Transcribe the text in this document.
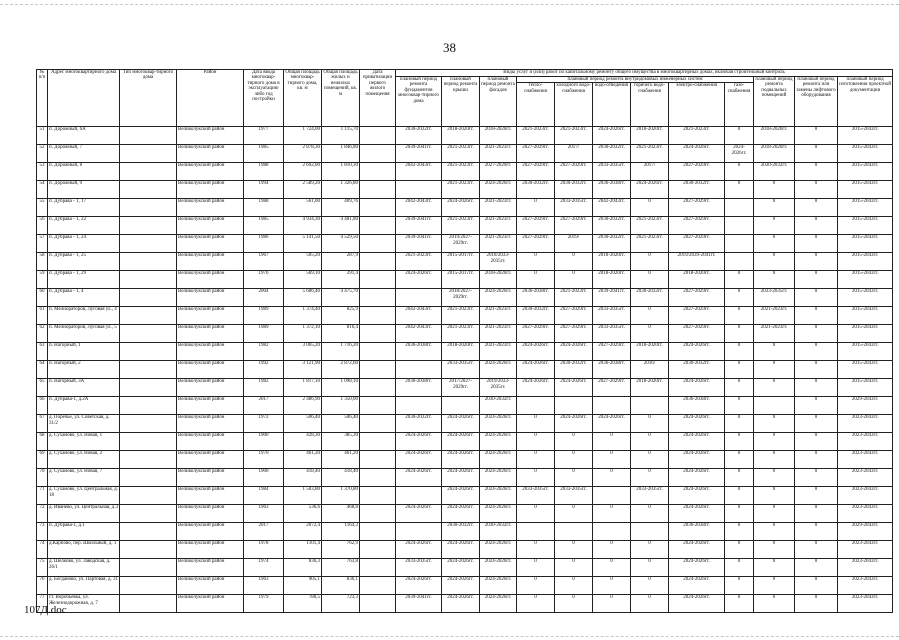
38
№ п/п	Адрес многоквартирного дома	Тип многоквар-тирного дома	Район	Дата ввода многоквар-тирного дома в эксплуатацию либо год постройки	Общая площадь многоквар-тирного дома, кв. м	Общая площадь жилых и нежилых помещений, кв. м	Дата приватизации первого жилого помещения	Виды услуг и (или) работ по капитальному ремонту общего имущества в многоквартирных домах, включая строительный контроль											
								плановый период ремонта фундаментов многоквар-тирного дома	плановый период ремонта крыши	плановый период ремонта фасадов	плановый период ремонта внутридомовых инженерных систем						плановый период ремонта подвальных помещений	плановый период ремонта или замены лифтового оборудования	плановый период изготовления проектной документации
											тепло-снабжения	холодного водо-снабжения	водо-отведения	горячего водо-снабжения	электро-снабжения	газо-снабжения			
51	п. Дорожный, 6А		Великолукский район	1977	1 724,00	1 115,70		2030-2032гг.	2018-2020гг.	2018-2020гг.	2021-2023гг.	2021-2023гг.	2024-2026гг.	2018-2020гг.	2021-2023гг.	0	2018-2020гг.	0	2015-2043гг.
52	п. Дорожный, 7		Великолукский район	1985	2 878,30	1 846,80		2039-2041гг.	2021-2023гг.	2021-2023гг.	2027-2029гг.	2017/	2030-2032гг.	2021-2023гг.	2024-2026гг.	2024-2026гг.	2018-2020гг.	0	2015-2043гг.
53	п. Дорожный, 8		Великолукский район	1988	2 692,00	1 810,30		2042-2043гг.	2021-2023гг.	2027-2029гг.	2027-2029гг.	2027-2029гг.	2033-2035гг.	2017/	2027-2029гг.	0	2030-2032гг.	0	2015-2043гг.
54	п. Дорожный, 9		Великолукский район	1994	2 589,20	1 326,80			2021-2023гг.	2024-2026гг.	2030-2032гг.	2030-2032гг.	2036-2038гг.	2024-2026гг.	2030-2032гг.	0	0	0	2015-2043гг.
55	п. Дубрава - 1, 17		Великолукский район	1988	561,00	409,76		2042-2043гг.	2024-2026гг.	2021-2023гг.	0	2033-2035гг.	2042-2043гг.	0	2027-2029гг.		0	0	2015-2043гг.
56	п. Дубрава - 1, 22		Великолукский район	1985	4 934,30	4 481,80		2039-2041гг.	2021-2023гг.	2021-2023гг.	2027-2029гг.	2027-2029гг.	2030-2032гг.	2021-2023гг.	2027-2029гг.		0	0	2015-2043гг.
57	п. Дубрава - 1, 24		Великолукский район	1986	5 141,50	4 529,50		2039-2041гг.	2019/2027-2029гг.	2021-2023гг.	2027-2029гг.	2019/	2030-2032гг.	2021-2023гг.	2027-2029гг.		0	0	2015-2043гг.
58	п. Дубрава - 1, 25		Великолукский район	1967	505,20	287,9		2021-2023гг.	2015-2017гг.	2018/2033-2035гг.	0	0	2018-2020гг.	0	2019/2039-2041гг.		0	0	2015-2043гг.
59	п. Дубрава - 1, 29		Великолукский район	1970	569,10	391,4		2024-2026гг.	2015-2017гг.	2018-2020гг.	0	0	2018-2020гг.	0	2018-2020гг.	0	0	0	2015-2043гг.
60	п. Дубрава - 1, 4		Великолукский район	2004	5 686,40	4 475,70			2018/2027-2029гг.	2024-2026гг.	2036-2038гг.	2021-2023гг.	2039-2041гг.	2030-2032гг.	2027-2029гг.	0	2033-2035гг.	0	2015-2043гг.
61	п. Мелиораторов, Луговая ул., 4		Великолукский район	1989	1 374,40	825,9		2042-2043гг.	2021-2023гг.	2021-2023гг.	2030-2032гг.	2027-2029гг.	2033-2035гг.	0	2027-2029гг.	0	2021-2023гг.	0	2015-2043гг.
62	п. Мелиораторов, Луговая ул., 5		Великолукский район	1989	1 372,10	816,4		2042-2043гг.	2021-2023гг.	2021-2023гг.	2027-2029гг.	2027-2029гг.	2033-2035гг.	0	2027-2029гг.	0	2021-2023гг.	0	2015-2043гг.
63	п. Нагорный, 1		Великолукский район	1982	3 065,20	1 716,20		2036-2038гг.	2018-2020гг.	2021-2023гг.	2024-2026гг.	2024-2026гг.	2027-2029гг.	2018-2020гг.	2024-2026гг.	0	0	0	2015-2043гг.
64	п. Нагорный, 2		Великолукский район	1992	3 121,90	2 872,60			2033-2035гг.	2024-2026гг.	2024-2026гг.	2030-2032гг.	2036-2038гг.	2016/	2030-2032гг.	0	0	0	2015-2043гг.
65	п. Нагорный, 3А		Великолукский район	1982	1 817,10	1 098,10		2036-2038гг.	2017/2027-2029гг.	2019/2033-2035гг.	2024-2026гг.	2024-2026гг.	2027-2029гг.	2018-2020гг.	2024-2026гг.	0	0	0	2015-2043гг.
66	п. Дубрава-1, д.2А		Великолукский район	2017	2 486,90	1 350,00				2030-2032гг.					2036-2038гг.	0		0	2029-2043гг.
67	д. Поречье, ул. Советская, д. 31/2		Великолукский район	1972	506,40	506,40		2030-2032гг.	2024-2026гг.	2024-2026гг.	0	2024-2026гг.	2024-2026гг.	0	2024-2026гг.	0	0	0	2023-2043гг.
68	д. Суханово, ул. Новая, 1		Великолукский район	1900	428,30	385,30		2024-2026гг.	2024-2026гг.	2024-2026гг.	0	0	0	0	2024-2026гг.	0	0	0	2023-2043гг.
69	д. Суханово, ул. Новая, 2		Великолукский район	1970	461,20	461,20		2024-2026гг.	2024-2026гг.	2024-2026гг.	0	0	0	0	2024-2026гг.	0	0	0	2023-2043гг.
70	д. Суханово, ул. Новая, 7		Великолукский район	1900	418,40	418,40		2024-2026гг.	2024-2026гг.	2024-2026гг.	0	0	0	0	2024-2026гг.	0	0	0	2023-2043гг.
71	д. Суханово, ул. Центральная, д. 18		Великолукский район	1984	1 503,80	1 370,80			2024-2026гг.	2024-2026гг.	2033-2035гг.	2033-2035гг.		2033-2035гг.	2024-2026гг.	0	0	0	2023-2043гг.
72	д. Иванево, ул. Центральная, д.3		Великолукский район	1963	536,6	468,8		2024-2026гг.	2024-2026гг.	2024-2026гг.	0	0	0	0	2024-2026гг.	0	0	0	2023-2043гг.
73	п. Дубрава-1, д.1		Великолукский район	2017	2072,4	1164,3			2030-2032гг.	2030-2032гг.					2036-2038гг.	0	0	0	2029-2043гг.
74	д.Карпово, пер. Школьный, д. 1		Великолукский район	1978	1101,4	762,9		2024-2026гг.	2024-2026гг.	2024-2026гг.	0	0	0	0	2024-2026гг.	0	0	0	2023-2043гг.
75	д. Шелково, ул. Заводская, д. 26/1		Великолукский район	1974	836,3	763,8		2033-2035гг.	2024-2026гг.	2024-2026гг.	0	0	0	0	2024-2026гг.	0	0	0	2023-2043гг.
76	д. Богданово, ул. Партовая, д. 31		Великолукский район	1963	905,1	836,1		2024-2026гг.	2024-2026гг.	2024-2026гг.	0	0	0	0	2024-2026гг.	0	0	0	2023-2043гг.
77	ст. Воробьевка, ул. Железнодорожная, д. 7		Великолукский район	1979	780,5	723,3		2039-2041гг.	2024-2026гг.	2024-2026гг.	0	0	0	0	2024-2026гг.	0	0	0	2023-2043гг.
107Д.doc
